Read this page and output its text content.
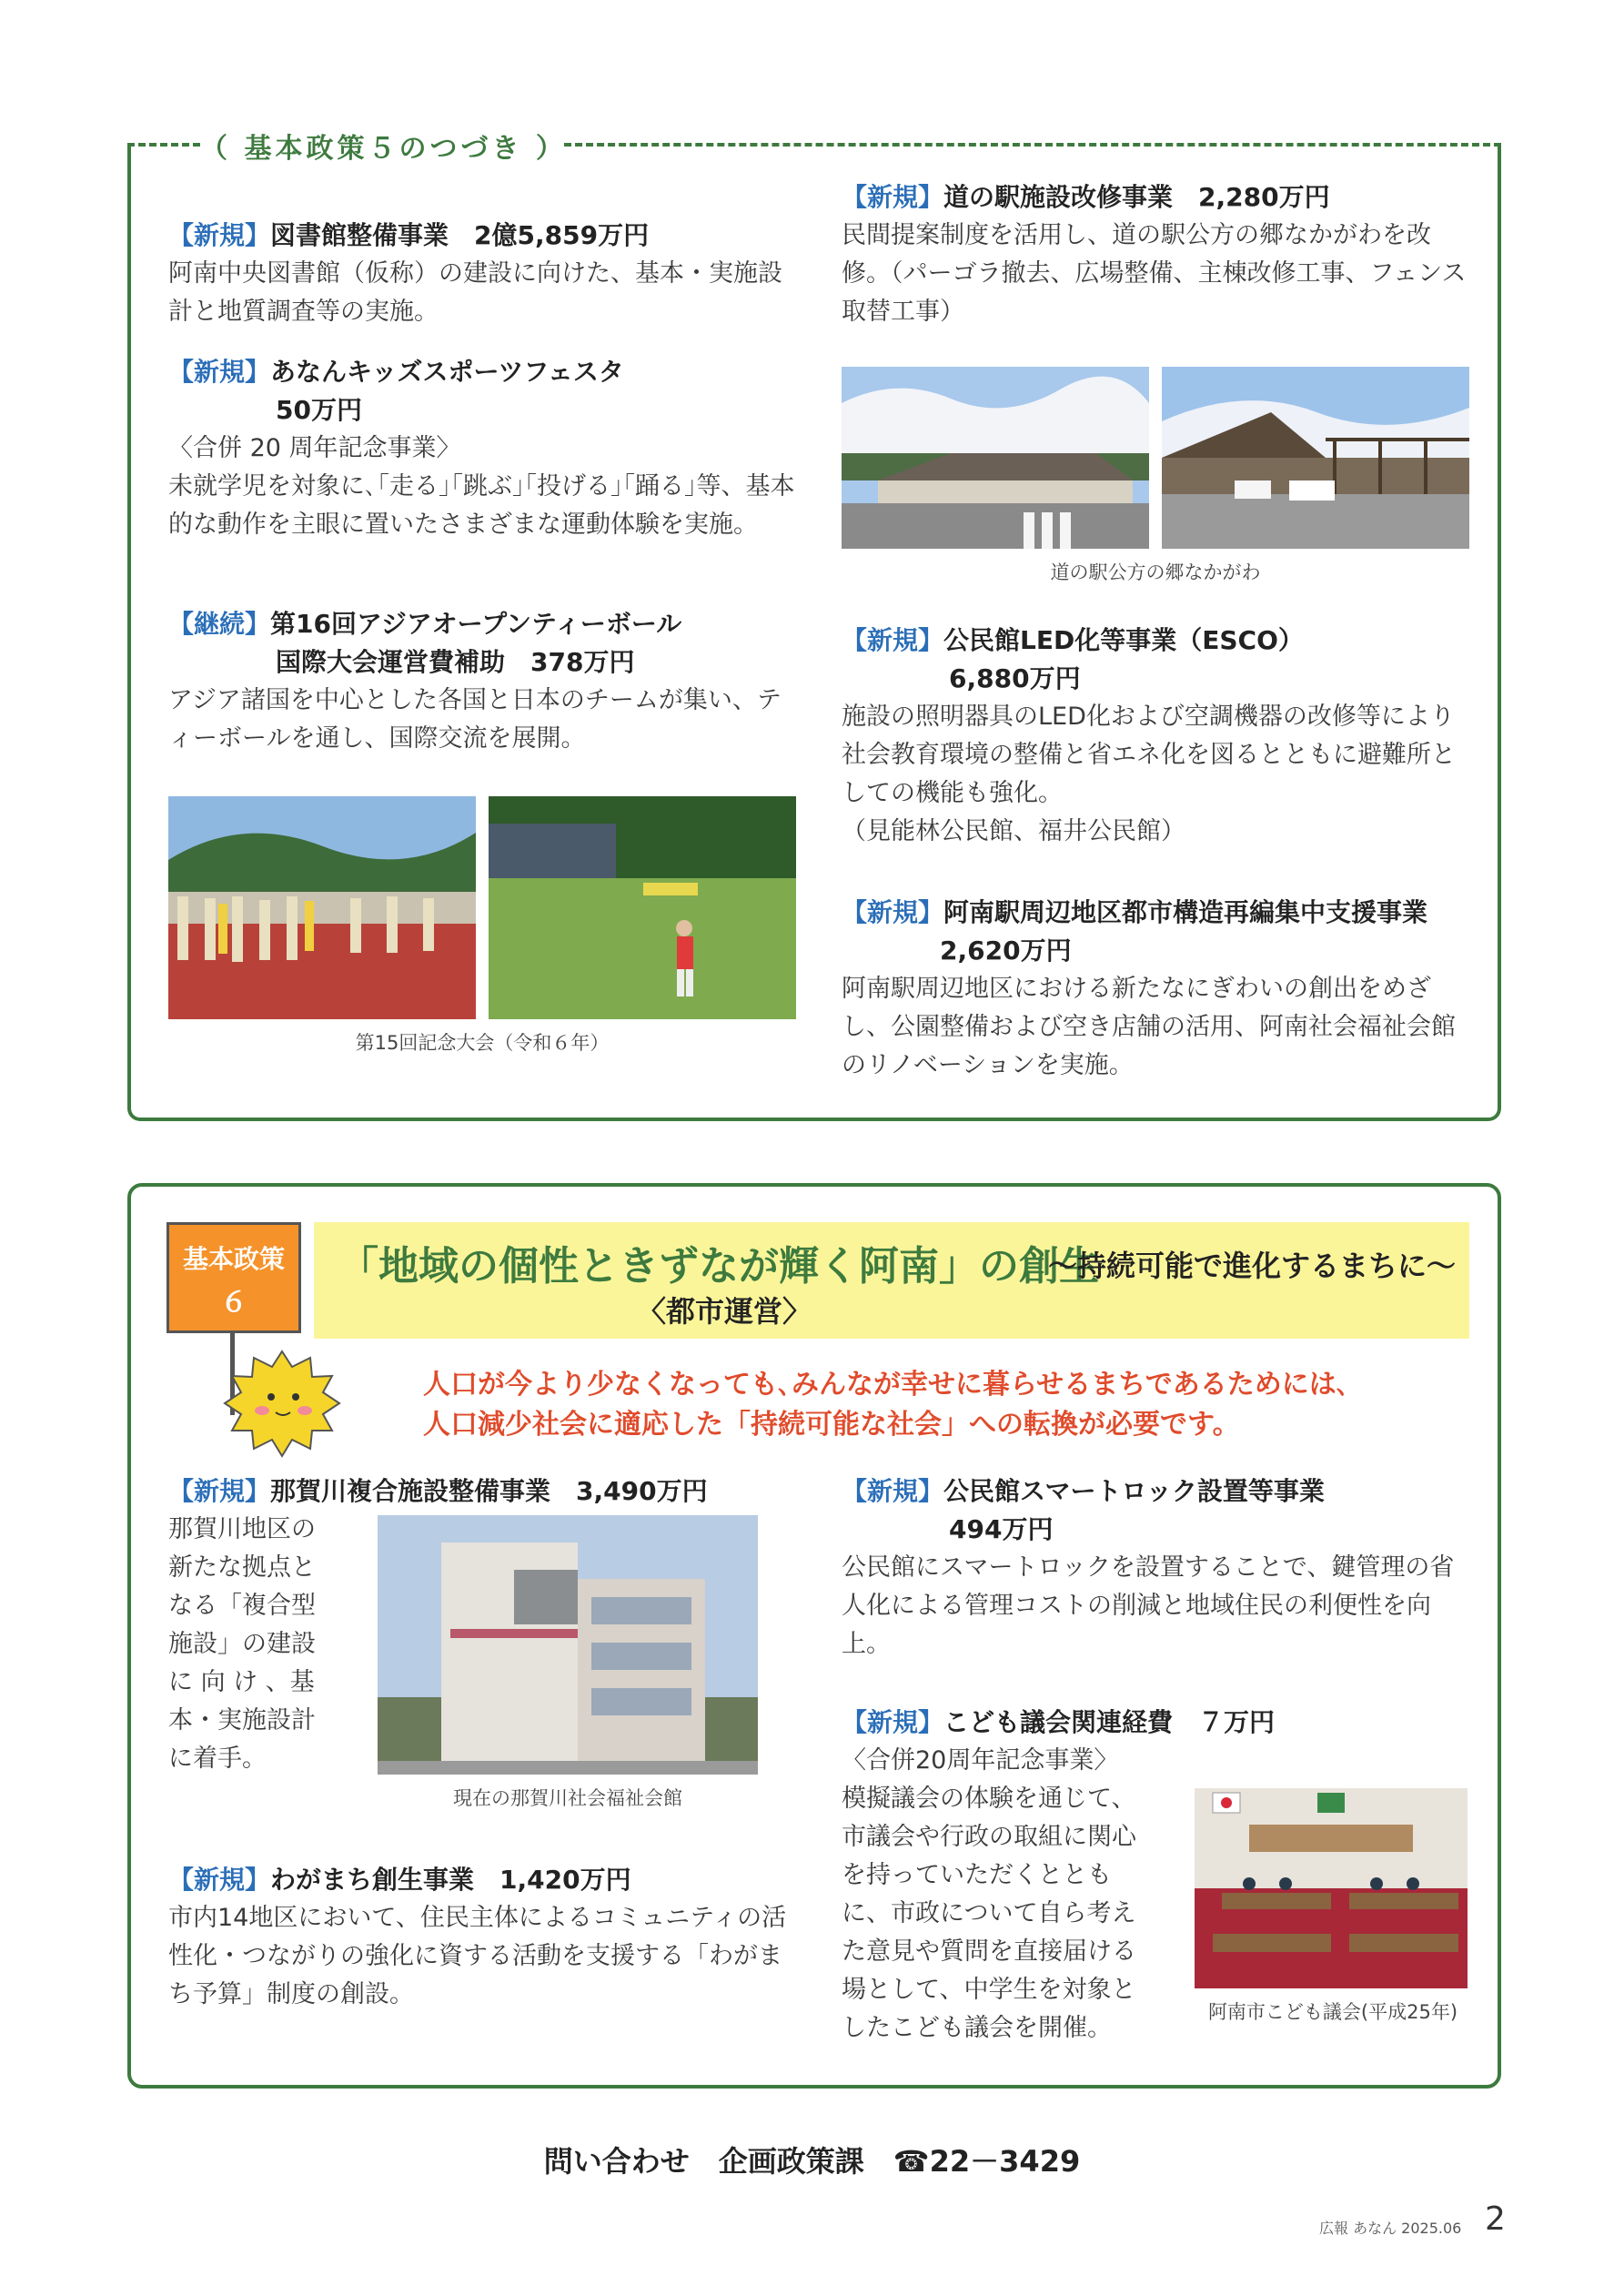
（ 基本政策５のつづき ）
【新規】図書館整備事業　2億5,859万円
阿南中央図書館（仮称）の建設に向けた、基本・実施設計と地質調査等の実施。
【新規】あなんキッズスポーツフェスタ
50万円
〈合併 20 周年記念事業〉
未就学児を対象に､｢走る｣｢跳ぶ｣｢投げる｣｢踊る｣等、基本的な動作を主眼に置いたさまざまな運動体験を実施。
【継続】第16回アジアオープンティーボール
国際大会運営費補助　378万円
アジア諸国を中心とした各国と日本のチームが集い、ティーボールを通し、国際交流を展開。
第15回記念大会（令和６年）
【新規】道の駅施設改修事業　2,280万円
民間提案制度を活用し、道の駅公方の郷なかがわを改修。（パーゴラ撤去、広場整備、主棟改修工事、フェンス取替工事）
道の駅公方の郷なかがわ
【新規】公民館LED化等事業（ESCO）
6,880万円
施設の照明器具のLED化および空調機器の改修等により社会教育環境の整備と省エネ化を図るとともに避難所としての機能も強化。
（見能林公民館、福井公民館）
【新規】阿南駅周辺地区都市構造再編集中支援事業
2,620万円
阿南駅周辺地区における新たなにぎわいの創出をめざし、公園整備および空き店舗の活用、阿南社会福祉会館のリノベーションを実施。
基本政策
６
「地域の個性ときずなが輝く阿南」の創生
～持続可能で進化するまちに～
〈都市運営〉
人口が今より少なくなっても､みんなが幸せに暮らせるまちであるためには､
人口減少社会に適応した「持続可能な社会」への転換が必要です。
【新規】那賀川複合施設整備事業　3,490万円
那賀川地区の
新たな拠点と
なる「複合型
施設」の建設
に 向 け 、基
本・実施設計
に着手。
現在の那賀川社会福祉会館
【新規】わがまち創生事業　1,420万円
市内14地区において、住民主体によるコミュニティの活性化・つながりの強化に資する活動を支援する「わがまち予算」制度の創設。
【新規】公民館スマートロック設置等事業
494万円
公民館にスマートロックを設置することで、鍵管理の省人化による管理コストの削減と地域住民の利便性を向上。
【新規】こども議会関連経費　７万円
〈合併20周年記念事業〉
模擬議会の体験を通じて、
市議会や行政の取組に関心
を持っていただくととも
に、市政について自ら考え
た意見や質問を直接届ける
場として、中学生を対象と
したこども議会を開催。
阿南市こども議会(平成25年)
問い合わせ　企画政策課　☎22－3429
広報 あなん 2025.06 2
